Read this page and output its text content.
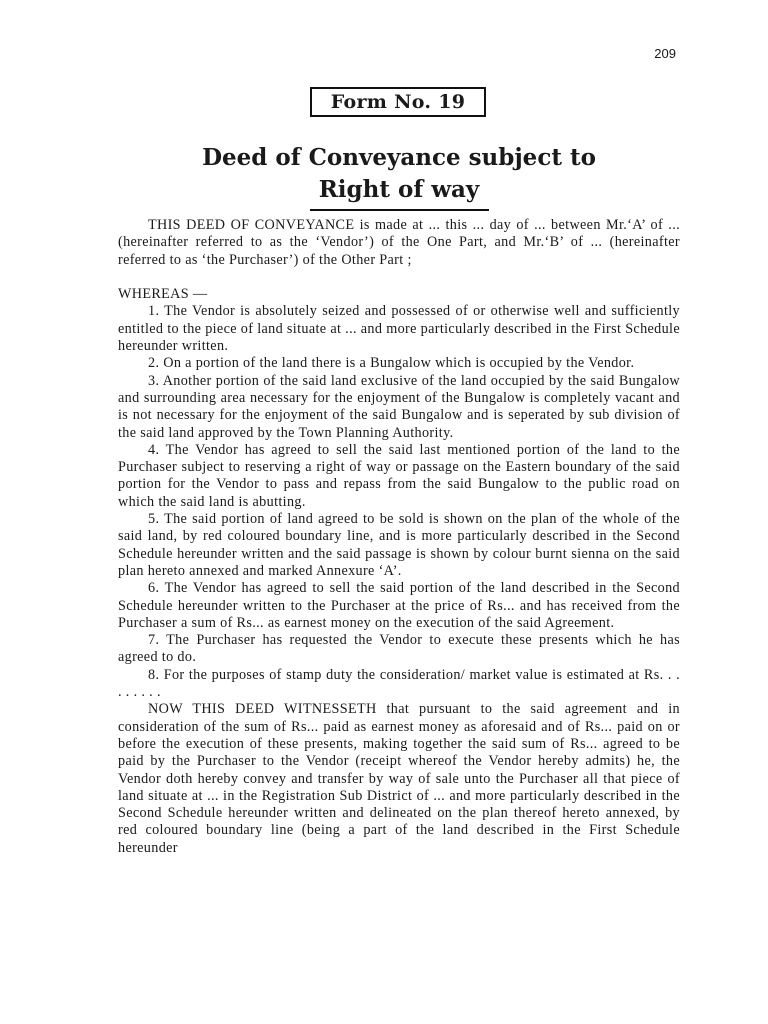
209
Form No. 19
Deed of Conveyance subject to
Right of way

THIS DEED OF CONVEYANCE is made at ... this ... day of ... between Mr.‘A’ of ... (hereinafter referred to as the ‘Vendor’) of the One Part, and Mr.‘B’ of ... (hereinafter referred to as ‘the Purchaser’) of the Other Part ;

WHEREAS —

1. The Vendor is absolutely seized and possessed of or otherwise well and sufficiently entitled to the piece of land situate at ... and more particularly described in the First Schedule hereunder written.

2. On a portion of the land there is a Bungalow which is occupied by the Vendor.

3. Another portion of the said land exclusive of the land occupied by the said Bungalow and surrounding area necessary for the enjoyment of the Bungalow is completely vacant and is not necessary for the enjoyment of the said Bungalow and is seperated by sub division of the said land approved by the Town Planning Authority.

4. The Vendor has agreed to sell the said last mentioned portion of the land to the Purchaser subject to reserving a right of way or passage on the Eastern boundary of the said portion for the Vendor to pass and repass from the said Bungalow to the public road on which the said land is abutting.

5. The said portion of land agreed to be sold is shown on the plan of the whole of the said land, by red coloured boundary line, and is more particularly described in the Second Schedule hereunder written and the said passage is shown by colour burnt sienna on the said plan hereto annexed and marked Annexure ‘A’.

6. The Vendor has agreed to sell the said portion of the land described in the Second Schedule hereunder written to the Purchaser at the price of Rs... and has received from the Purchaser a sum of Rs... as earnest money on the execution of the said Agreement.

7. The Purchaser has requested the Vendor to execute these presents which he has agreed to do.

8. For the purposes of stamp duty the consideration/ market value is estimated at Rs. . . . . . . . .

NOW THIS DEED WITNESSETH that pursuant to the said agreement and in consideration of the sum of Rs... paid as earnest money as aforesaid and of Rs... paid on or before the execution of these presents, making together the said sum of Rs... agreed to be paid by the Purchaser to the Vendor (receipt whereof the Vendor hereby admits) he, the Vendor doth hereby convey and transfer by way of sale unto the Purchaser all that piece of land situate at ... in the Registration Sub District of ... and more particularly described in the Second Schedule hereunder written and delineated on the plan thereof hereto annexed, by red coloured boundary line (being a part of the land described in the First Schedule hereunder
